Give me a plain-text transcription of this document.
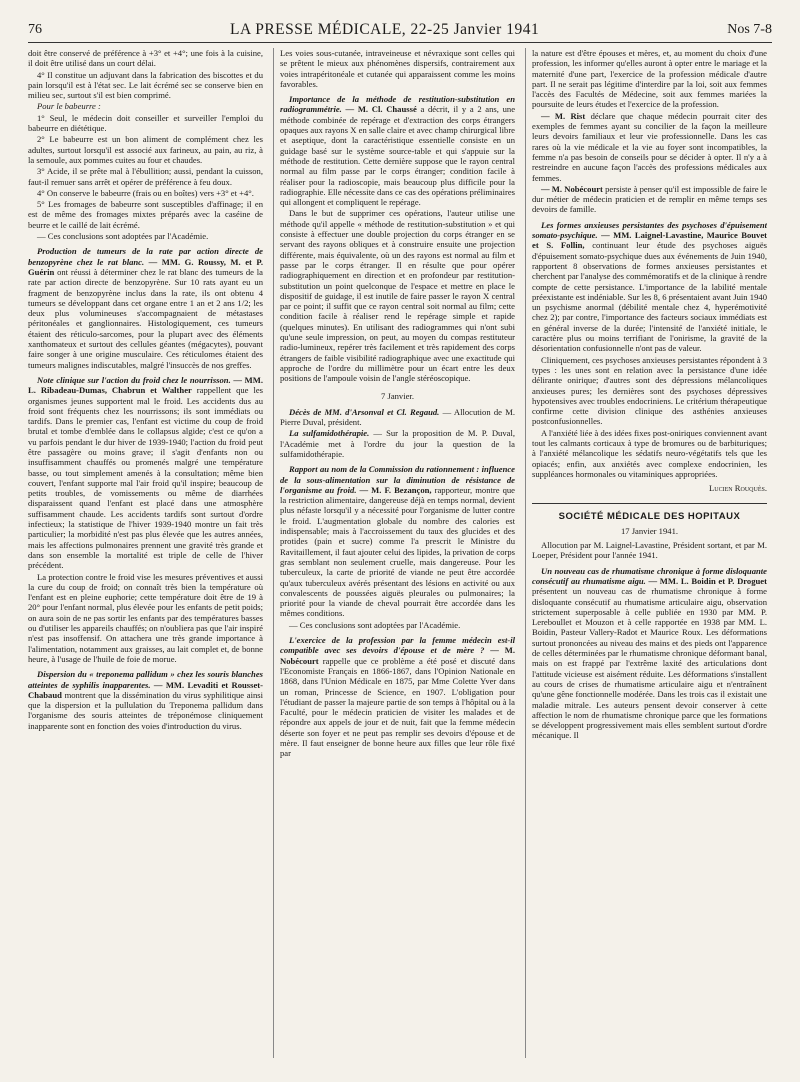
76	LA PRESSE MÉDICALE, 22-25 Janvier 1941	Nos 7-8

doit être conservé de préférence à +3° et +4°; une fois à la cuisine, il doit être utilisé dans un court délai.

4° Il constitue un adjuvant dans la fabrication des biscottes et du pain lorsqu'il est à l'état sec. Le lait écrémé sec se conserve bien en milieu sec, surtout s'il est bien comprimé.

Pour le babeurre :

1° Seul, le médecin doit conseiller et surveiller l'emploi du babeurre en diététique.

2° Le babeurre est un bon aliment de complément chez les adultes, surtout lorsqu'il est associé aux farineux, au pain, au riz, à la semoule, aux pommes cuites au four et chaudes.

3° Acide, il se prête mal à l'ébullition; aussi, pendant la cuisson, faut-il remuer sans arrêt et opérer de préférence à feu doux.

4° On conserve le babeurre (frais ou en boîtes) vers +3° et +4°.

5° Les fromages de babeurre sont susceptibles d'affinage; il en est de même des fromages mixtes préparés avec la caséine de beurre et le caillé de lait écrémé.

— Ces conclusions sont adoptées par l'Académie.

Production de tumeurs de la rate par action directe de benzopyrène chez le rat blanc. — MM. G. Roussy, M. et P. Guérin ont réussi à déterminer chez le rat blanc des tumeurs de la rate par action directe de benzopyrène. Sur 10 rats ayant eu un fragment de benzopyrène inclus dans la rate, ils ont obtenu 4 tumeurs se développant dans cet organe entre 1 an et 2 ans 1/2; les deux plus volumineuses s'accompagnaient de métastases péritonéales et ganglionnaires. Histologiquement, ces tumeurs étaient des réticulo-sarcomes, pour la plupart avec des éléments xanthomateux et surtout des cellules géantes (mégacytes), pouvant faire songer à une origine musculaire. Ces réticulomes étaient des tumeurs malignes indiscutables, malgré l'insuccès de nos greffes.

Note clinique sur l'action du froid chez le nourrisson. — MM. L. Ribadeau-Dumas, Chabrun et Walther rappellent que les organismes jeunes supportent mal le froid. Les accidents dus au froid sont fréquents chez les nourrissons; ils sont immédiats ou tardifs. Dans le premier cas, l'enfant est victime du coup de froid brutal et tombe d'emblée dans le collapsus algide; c'est ce qu'on a vu parfois pendant le dur hiver de 1939-1940; l'action du froid peut être passagère ou moins grave; il s'agit d'enfants non ou insuffisamment chauffés ou promenés malgré une température basse, ou tout simplement amenés à la consultation; même bien couvert, l'enfant supporte mal l'air froid qu'il inspire; beaucoup de petits troubles, de vomissements ou même de diarrhées disparaissent quand l'enfant est placé dans une atmosphère suffisamment chaude. Les accidents tardifs sont surtout d'ordre infectieux; la statistique de l'hiver 1939-1940 montre un fait très particulier; la morbidité n'est pas plus élevée que les autres années, mais les affections pulmonaires prennent une gravité très grande et dans son ensemble la mortalité est triple de celle de l'hiver précédent.

La protection contre le froid vise les mesures préventives et aussi la cure du coup de froid; on connaît très bien la température où l'enfant est en pleine euphorie; cette température doit être de 19 à 20° pour l'enfant normal, plus élevée pour les enfants de petit poids; on aura soin de ne pas sortir les enfants par des températures basses ou d'utiliser les appareils chauffés; on n'oubliera pas que l'air inspiré n'est pas insoffensif. On attachera une très grande importance à l'alimentation, notamment aux graisses, au lait complet et, de bonne heure, à l'usage de l'huile de foie de morue.

Dispersion du « treponema pallidum » chez les souris blanches atteintes de syphilis inapparentes. — MM. Levaditi et Rousset-Chabaud montrent que la dissémination du virus syphilitique ainsi que la dispersion et la pullulation du Treponema pallidum dans l'organisme des souris atteintes de tréponémose cliniquement inapparente sont en fonction des voies d'introduction du virus.

Les voies sous-cutanée, intraveineuse et névraxique sont celles qui se prêtent le mieux aux phénomènes dispersifs, contrairement aux voies intrapéritonéale et cutanée qui apparaissent comme les moins favorables.

Importance de la méthode de restitution-substitution en radiogrammétrie. — M. Cl. Chaussé a décrit, il y a 2 ans, une méthode combinée de repérage et d'extraction des corps étrangers opaques aux rayons X en salle claire et avec champ chirurgical libre et aseptique, dont la caractéristique essentielle consiste en un guidage basé sur le système source-table et qui s'appuie sur la méthode de restitution. Cette dernière suppose que le rayon central normal au film passe par le corps étranger; condition facile à réaliser pour la radioscopie, mais beaucoup plus difficile pour la radiographie. Elle nécessite dans ce cas des opérations préliminaires qui allongent et compliquent le repérage.

Dans le but de supprimer ces opérations, l'auteur utilise une méthode qu'il appelle « méthode de restitution-substitution » et qui consiste à effectuer une double projection du corps étranger en se servant des rayons obliques et à construire ensuite une projection différente, mais équivalente, où un des rayons est normal au film et passe par le corps étranger. Il en résulte que pour opérer radiographiquement en direction et en profondeur par restitution-substitution un point quelconque de l'espace et mettre en place le dispositif de guidage, il est inutile de faire passer le rayon X central par ce point; il suffit que ce rayon central soit normal au film; cette condition facile à réaliser rend le repérage simple et rapide (quelques minutes). En utilisant des radiogrammes qui n'ont subi qu'une seule impression, on peut, au moyen du compas restituteur radio-lumineux, repérer très facilement et très rapidement des corps étrangers de faible visibilité radiographique avec une exactitude qui approche de l'ordre du millimètre pour un écart entre les deux positions de l'ampoule voisin de l'angle stéréoscopique.

7 Janvier.

Décès de MM. d'Arsonval et Cl. Regaud. — Allocution de M. Pierre Duval, président.

La sulfamidothérapie. — Sur la proposition de M. P. Duval, l'Académie met à l'ordre du jour la question de la sulfamidothérapie.

Rapport au nom de la Commission du rationnement : influence de la sous-alimentation sur la diminution de résistance de l'organisme au froid. — M. F. Bezançon, rapporteur, montre que la restriction alimentaire, dangereuse déjà en temps normal, devient plus néfaste lorsqu'il y a nécessité pour l'organisme de lutter contre le froid. L'augmentation globale du nombre des calories est indispensable; mais à l'accroissement du taux des glucides et des protides (pain et sucre) comme l'a prescrit le Ministre du Ravitaillement, il faut ajouter celui des lipides, la privation de corps gras semblant non seulement cruelle, mais dangereuse. Pour les tuberculeux, la carte de priorité de viande ne peut être accordée qu'aux tuberculeux avérés présentant des lésions en activité ou aux convalescents de poussées aiguës pleurales ou pulmonaires; la priorité pour la viande de cheval pourrait être accordée dans les mêmes conditions.

— Ces conclusions sont adoptées par l'Académie.

L'exercice de la profession par la femme médecin est-il compatible avec ses devoirs d'épouse et de mère ? — M. Nobécourt rappelle que ce problème a été posé et discuté dans l'Economiste Français en 1866-1867, dans l'Opinion Nationale en 1868, dans l'Union Médicale en 1875, par Mme Colette Yver dans un roman, Princesse de Science, en 1907. L'obligation pour l'étudiant de passer la majeure partie de son temps à l'hôpital ou à la Faculté, pour le médecin praticien de visiter les malades et de répondre aux appels de jour et de nuit, fait que la femme médecin déserte son foyer et ne peut pas remplir ses devoirs d'épouse et de mère. Il faut enseigner de bonne heure aux filles que leur rôle fixé par

la nature est d'être épouses et mères, et, au moment du choix d'une profession, les informer qu'elles auront à opter entre le mariage et la maternité d'une part, l'exercice de la profession médicale d'autre part. Il ne serait pas légitime d'interdire par la loi, soit aux femmes l'accès des Facultés de Médecine, soit aux femmes mariées la poursuite de leurs études et l'exercice de la profession.

— M. Rist déclare que chaque médecin pourrait citer des exemples de femmes ayant su concilier de la façon la meilleure leurs devoirs familiaux et leur vie professionnelle. Dans les cas rares où la vie médicale et la vie au foyer sont incompatibles, la femme n'a pas besoin de conseils pour se décider à opter. Il n'y a à restreindre en aucune façon l'accès des professions médicales aux femmes.

— M. Nobécourt persiste à penser qu'il est impossible de faire le dur métier de médecin praticien et de remplir en même temps ses devoirs de famille.

Les formes anxieuses persistantes des psychoses d'épuisement somato-psychique. — MM. Laignel-Lavastine, Maurice Bouvet et S. Follin, continuant leur étude des psychoses aiguës d'épuisement somato-psychique dues aux événements de Juin 1940, rapportent 8 observations de formes anxieuses persistantes et cherchent par l'analyse des commémoratifs et de la clinique à rendre compte de cette persistance. L'importance de la labilité mentale préexistante est indéniable. Sur les 8, 6 présentaient avant Juin 1940 un psychisme anormal (débilité mentale chez 4, hyperémotivité chez 2); par contre, l'importance des facteurs sociaux immédiats est en général inverse de la durée; l'intensité de l'anxiété initiale, le caractère plus ou moins terrifiant de l'onirisme, la gravité de la désorientation confusionnelle n'ont pas de valeur.

Cliniquement, ces psychoses anxieuses persistantes répondent à 3 types : les unes sont en relation avec la persistance d'une idée délirante onirique; d'autres sont des dépressions mélancoliques anxieuses pures; les dernières sont des psychoses dépressives hypotensives avec troubles endocriniens. Le critérium thérapeutique confirme cette division clinique des asthénies anxieuses postconfusionnelles.

A l'anxiété liée à des idées fixes post-oniriques conviennent avant tout les calmants corticaux à type de bromures ou de barbituriques; à l'anxiété mélancolique les sédatifs neuro-végétatifs tels que les opiacés; enfin, aux anxiétés avec complexe endocrinien, les suppléances hormonales ou vitaminiques appropriées.

Lucien Rouquès.

SOCIÉTÉ MÉDICALE DES HOPITAUX

17 Janvier 1941.

Allocution par M. Laignel-Lavastine, Président sortant, et par M. Loeper, Président pour l'année 1941.

Un nouveau cas de rhumatisme chronique à forme disloquante consécutif au rhumatisme aigu. — MM. L. Boidin et P. Droguet présentent un nouveau cas de rhumatisme chronique à forme disloquante consécutif au rhumatisme articulaire aigu, observation strictement superposable à celle publiée en 1930 par MM. P. Lereboullet et Mouzon et à celle rapportée en 1938 par MM. L. Boidin, Pasteur Vallery-Radot et Maurice Roux. Les déformations surtout prononcées au niveau des mains et des pieds ont l'apparence de celles déterminées par le rhumatisme chronique déformant banal, mais on est frappé par l'extrême laxité des articulations dont l'attitude vicieuse est aisément réduite. Les déformations s'installent au cours de crises de rhumatisme articulaire aigu et n'entraînent qu'une gêne fonctionnelle modérée. Dans les trois cas il existait une maladie mitrale. Les auteurs pensent devoir conserver à cette affection le nom de rhumatisme chronique parce que les formations se développent progressivement mais elles semblent surtout d'ordre mécanique. Il
